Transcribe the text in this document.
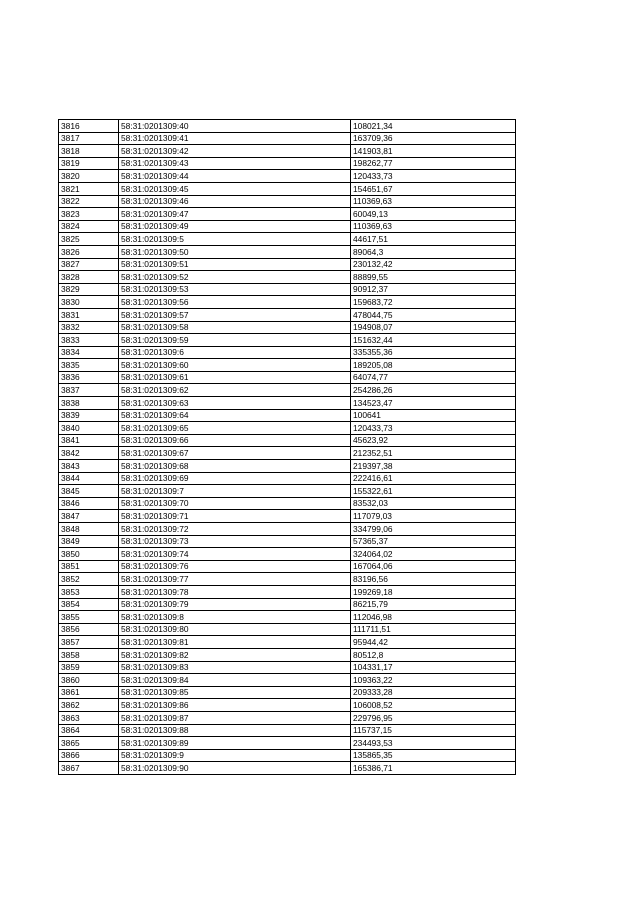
3816	58:31:0201309:40	108021,34
3817	58:31:0201309:41	163709,36
3818	58:31:0201309:42	141903,81
3819	58:31:0201309:43	198262,77
3820	58:31:0201309:44	120433,73
3821	58:31:0201309:45	154651,67
3822	58:31:0201309:46	110369,63
3823	58:31:0201309:47	60049,13
3824	58:31:0201309:49	110369,63
3825	58:31:0201309:5	44617,51
3826	58:31:0201309:50	89064,3
3827	58:31:0201309:51	230132,42
3828	58:31:0201309:52	88899,55
3829	58:31:0201309:53	90912,37
3830	58:31:0201309:56	159683,72
3831	58:31:0201309:57	478044,75
3832	58:31:0201309:58	194908,07
3833	58:31:0201309:59	151632,44
3834	58:31:0201309:6	335355,36
3835	58:31:0201309:60	189205,08
3836	58:31:0201309:61	64074,77
3837	58:31:0201309:62	254286,26
3838	58:31:0201309:63	134523,47
3839	58:31:0201309:64	100641
3840	58:31:0201309:65	120433,73
3841	58:31:0201309:66	45623,92
3842	58:31:0201309:67	212352,51
3843	58:31:0201309:68	219397,38
3844	58:31:0201309:69	222416,61
3845	58:31:0201309:7	155322,61
3846	58:31:0201309:70	83532,03
3847	58:31:0201309:71	117079,03
3848	58:31:0201309:72	334799,06
3849	58:31:0201309:73	57365,37
3850	58:31:0201309:74	324064,02
3851	58:31:0201309:76	167064,06
3852	58:31:0201309:77	83196,56
3853	58:31:0201309:78	199269,18
3854	58:31:0201309:79	86215,79
3855	58:31:0201309:8	112046,98
3856	58:31:0201309:80	111711,51
3857	58:31:0201309:81	95944,42
3858	58:31:0201309:82	80512,8
3859	58:31:0201309:83	104331,17
3860	58:31:0201309:84	109363,22
3861	58:31:0201309:85	209333,28
3862	58:31:0201309:86	106008,52
3863	58:31:0201309:87	229796,95
3864	58:31:0201309:88	115737,15
3865	58:31:0201309:89	234493,53
3866	58:31:0201309:9	135865,35
3867	58:31:0201309:90	165386,71
